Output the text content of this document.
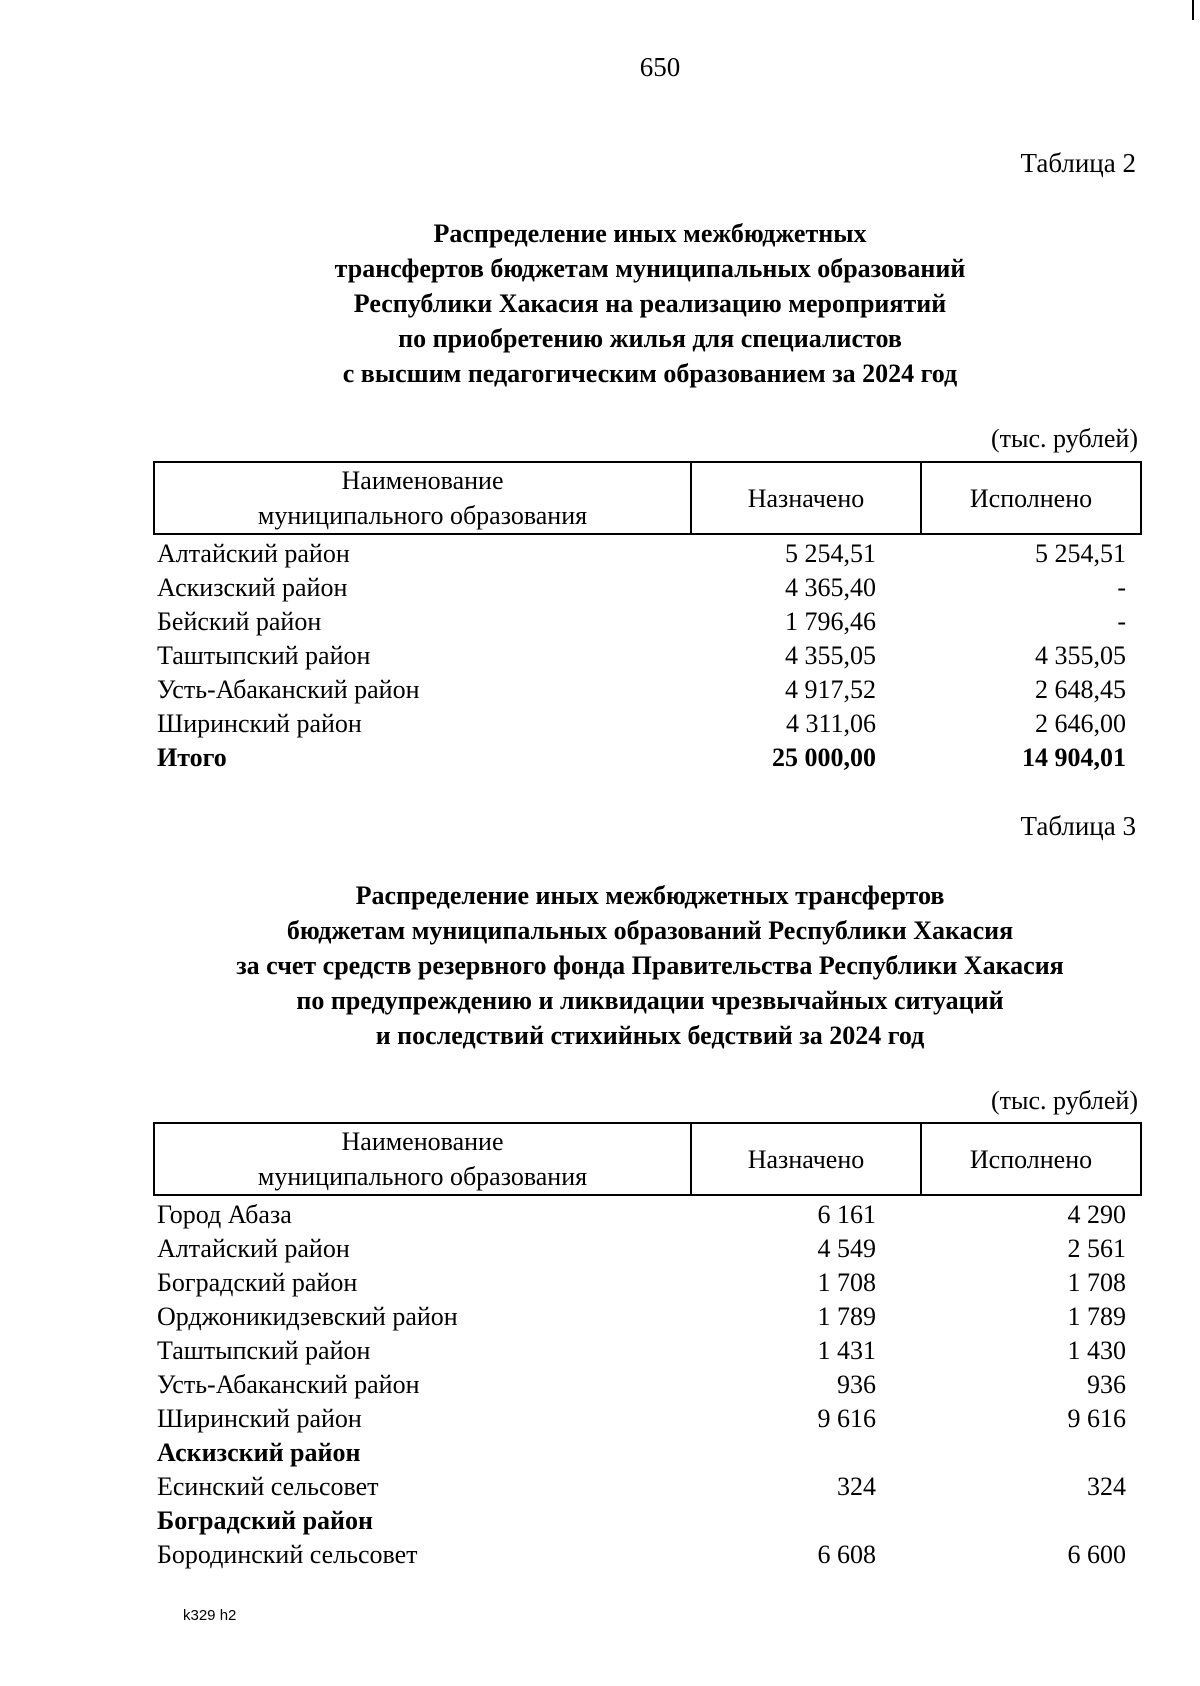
650
Таблица 2
Распределение иных межбюджетных
трансфертов бюджетам муниципальных образований
Республики Хакасия на реализацию мероприятий
по приобретению жилья для специалистов
с высшим педагогическим образованием за 2024 год
(тыс. рублей)
Наименование
муниципального образования
	Назначено	Исполнено
Алтайский район	5 254,51	5 254,51
Аскизский район	4 365,40	-
Бейский район	1 796,46	-
Таштыпский район	4 355,05	4 355,05
Усть-Абаканский район	4 917,52	2 648,45
Ширинский район	4 311,06	2 646,00
Итого	25 000,00	14 904,01
Таблица 3
Распределение иных межбюджетных трансфертов
бюджетам муниципальных образований Республики Хакасия
за счет средств резервного фонда Правительства Республики Хакасия
по предупреждению и ликвидации чрезвычайных ситуаций
и последствий стихийных бедствий за 2024 год
(тыс. рублей)
Наименование
муниципального образования
	Назначено	Исполнено
Город Абаза	6 161	4 290
Алтайский район	4 549	2 561
Боградский район	1 708	1 708
Орджоникидзевский район	1 789	1 789
Таштыпский район	1 431	1 430
Усть-Абаканский район	936	936
Ширинский район	9 616	9 616
Аскизский район
Есинский сельсовет	324	324
Боградский район
Бородинский сельсовет	6 608	6 600
k329 h2
